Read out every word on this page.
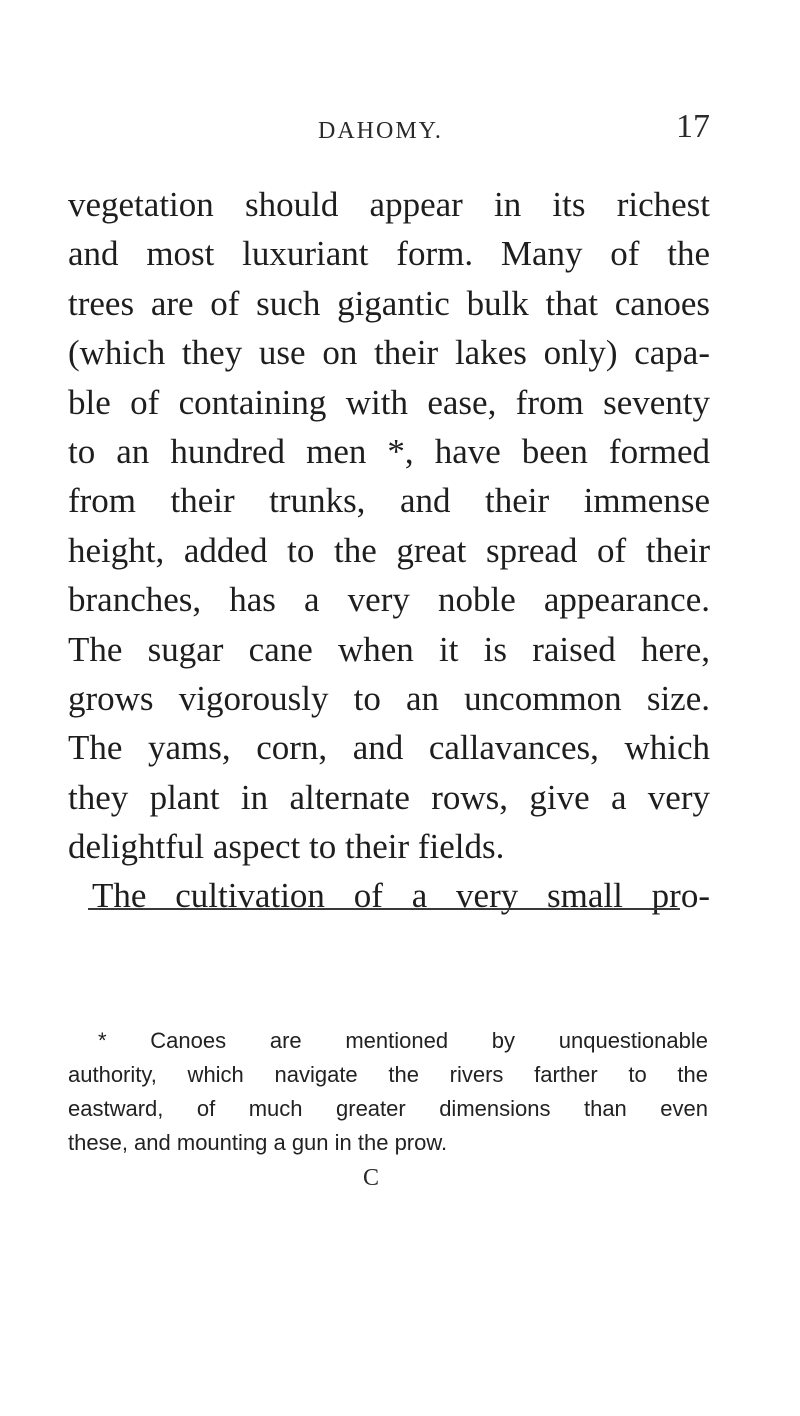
DAHOMY.	17
vegetation should appear in its richest
and most luxuriant form. Many of the
trees are of such gigantic bulk that canoes
(which they use on their lakes only) capa-
ble of containing with ease, from seventy
to an hundred men *, have been formed
from their trunks, and their immense
height, added to the great spread of their
branches, has a very noble appearance.
The sugar cane when it is raised here,
grows vigorously to an uncommon size.
The yams, corn, and callavances, which
they plant in alternate rows, give a very
delightful aspect to their fields.
The cultivation of a very small pro-
* Canoes are mentioned by unquestionable
authority, which navigate the rivers farther to the
eastward, of much greater dimensions than even
these, and mounting a gun in the prow.
C
